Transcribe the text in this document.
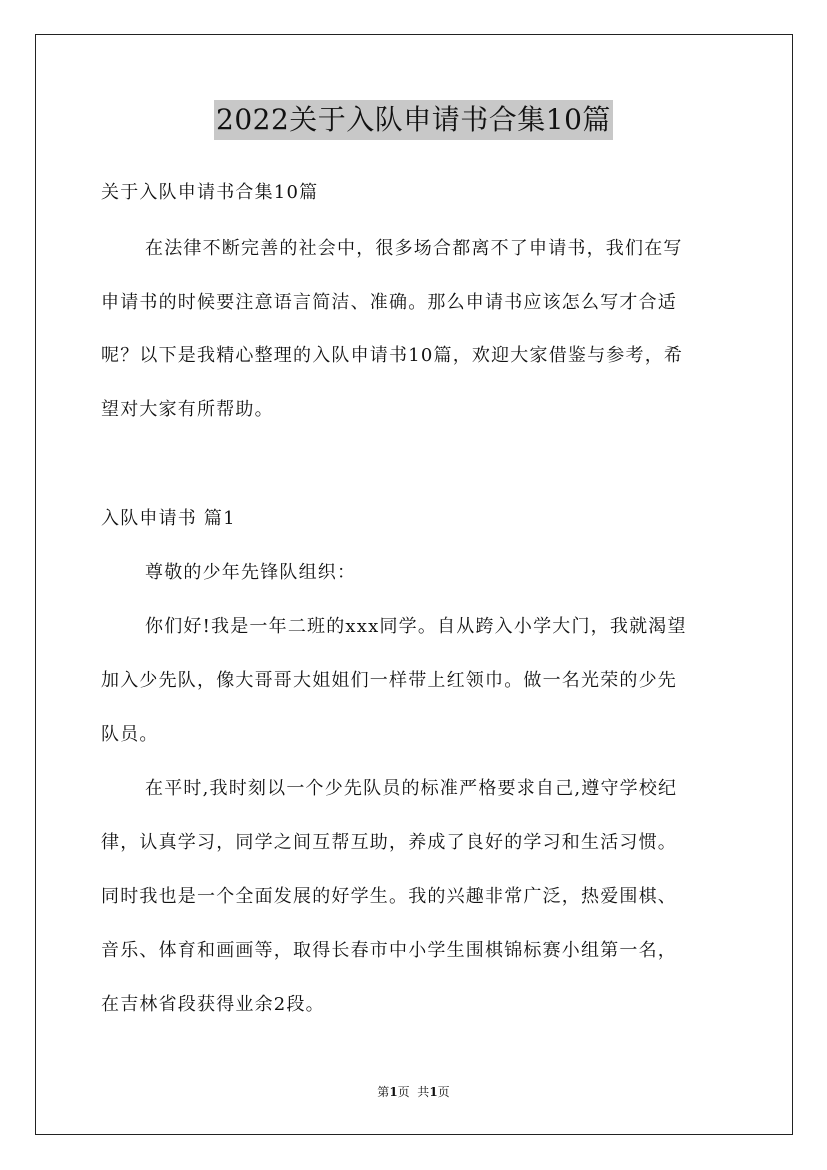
2022关于入队申请书合集10篇
关于入队申请书合集10篇
在法律不断完善的社会中，很多场合都离不了申请书，我们在写
申请书的时候要注意语言简洁、准确。那么申请书应该怎么写才合适
呢？以下是我精心整理的入队申请书10篇，欢迎大家借鉴与参考，希
望对大家有所帮助。
入队申请书 篇1
尊敬的少年先锋队组织：
你们好!我是一年二班的xxx同学。自从跨入小学大门，我就渴望
加入少先队，像大哥哥大姐姐们一样带上红领巾。做一名光荣的少先
队员。
在平时,我时刻以一个少先队员的标准严格要求自己,遵守学校纪
律，认真学习，同学之间互帮互助，养成了良好的学习和生活习惯。
同时我也是一个全面发展的好学生。我的兴趣非常广泛，热爱围棋、
音乐、体育和画画等，取得长春市中小学生围棋锦标赛小组第一名，
在吉林省段获得业余2段。
第1页  共1页
